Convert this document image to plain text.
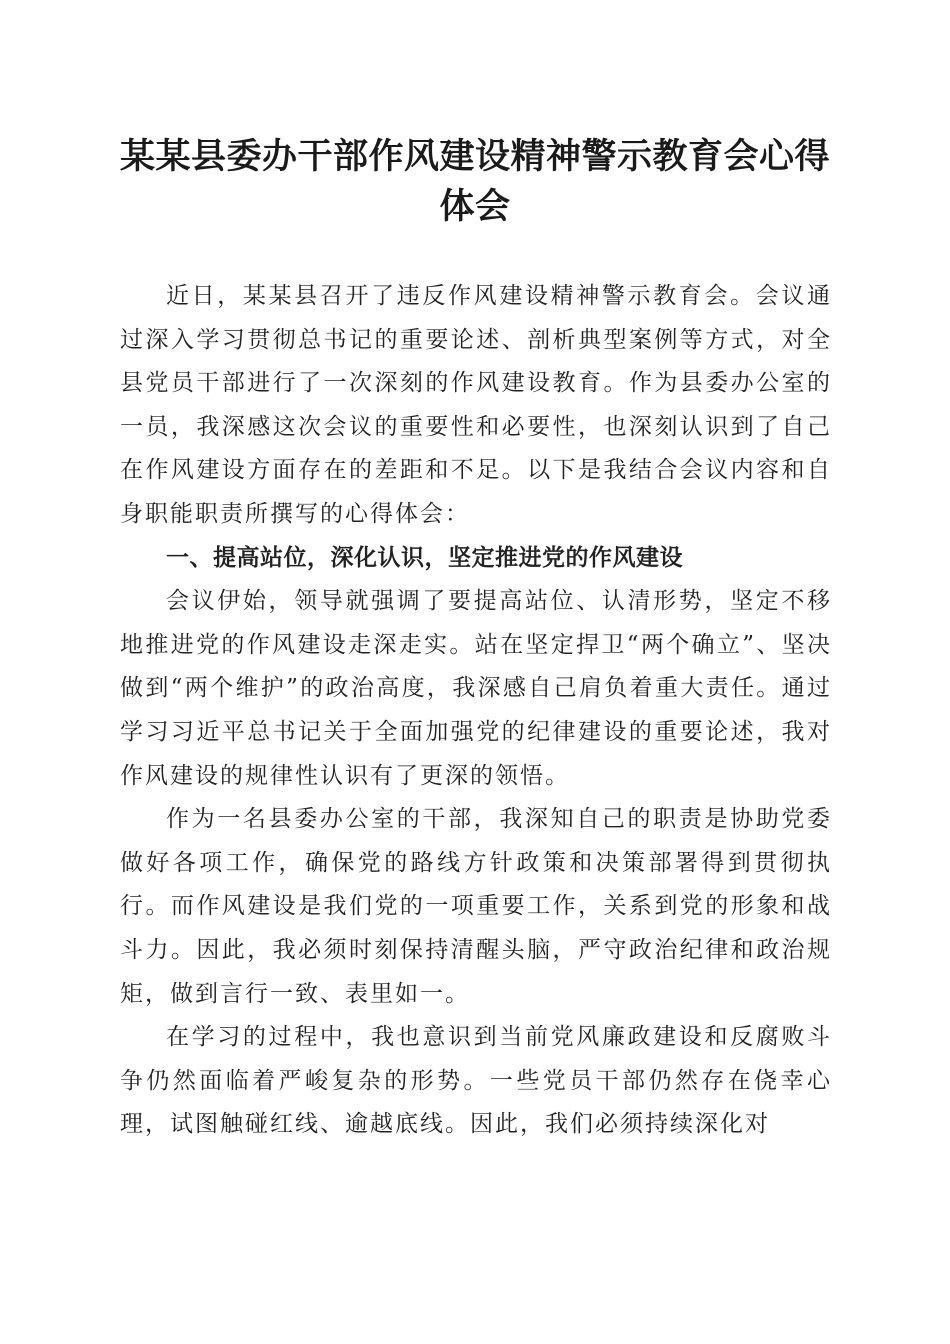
某某县委办干部作风建设精神警示教育会心得体会

近日，某某县召开了违反作风建设精神警示教育会。会议通过深入学习贯彻总书记的重要论述、剖析典型案例等方式，对全县党员干部进行了一次深刻的作风建设教育。作为县委办公室的一员，我深感这次会议的重要性和必要性，也深刻认识到了自己在作风建设方面存在的差距和不足。以下是我结合会议内容和自身职能职责所撰写的心得体会：

一、提高站位，深化认识，坚定推进党的作风建设

会议伊始，领导就强调了要提高站位、认清形势，坚定不移地推进党的作风建设走深走实。站在坚定捍卫“两个确立”、坚决做到“两个维护”的政治高度，我深感自己肩负着重大责任。通过学习习近平总书记关于全面加强党的纪律建设的重要论述，我对作风建设的规律性认识有了更深的领悟。

作为一名县委办公室的干部，我深知自己的职责是协助党委做好各项工作，确保党的路线方针政策和决策部署得到贯彻执行。而作风建设是我们党的一项重要工作，关系到党的形象和战斗力。因此，我必须时刻保持清醒头脑，严守政治纪律和政治规矩，做到言行一致、表里如一。

在学习的过程中，我也意识到当前党风廉政建设和反腐败斗争仍然面临着严峻复杂的形势。一些党员干部仍然存在侥幸心理，试图触碰红线、逾越底线。因此，我们必须持续深化对
